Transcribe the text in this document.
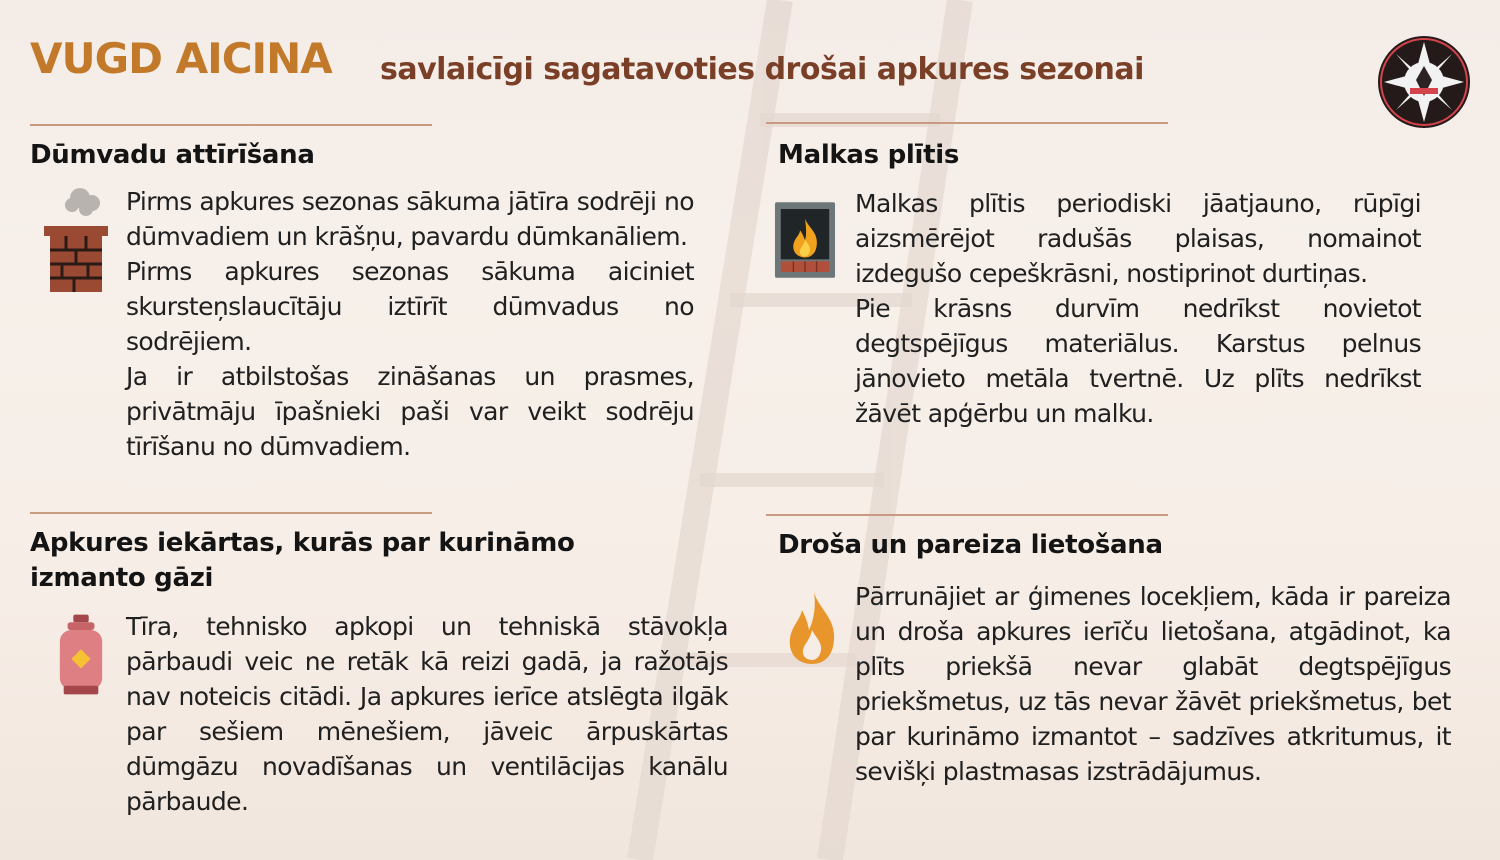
VUGD AICINA savlaicīgi sagatavoties drošai apkures sezonai
Dūmvadu attīrīšana

Pirms apkures sezonas sākuma jātīra sodrēji no dūmvadiem un krāšņu, pavardu dūmkanāliem.

Pirms apkures sezonas sākuma aiciniet skursteņslaucītāju iztīrīt dūmvadus no sodrējiem.

Ja ir atbilstošas zināšanas un prasmes, privātmāju īpašnieki paši var veikt sodrēju tīrīšanu no dūmvadiem.

Malkas plītis

Malkas plītis periodiski jāatjauno, rūpīgi aizsmērējot radušās plaisas, nomainot izdegušo cepeškrāsni, nostiprinot durtiņas.

Pie krāsns durvīm nedrīkst novietot degtspējīgus materiālus. Karstus pelnus jānovieto metāla tvertnē. Uz plīts nedrīkst žāvēt apģērbu un malku.

Apkures iekārtas, kurās par kurināmo izmanto gāzi

Tīra, tehnisko apkopi un tehniskā stāvokļa pārbaudi veic ne retāk kā reizi gadā, ja ražotājs nav noteicis citādi. Ja apkures ierīce atslēgta ilgāk par sešiem mēnešiem, jāveic ārpuskārtas dūmgāzu novadīšanas un ventilācijas kanālu pārbaude.

Droša un pareiza lietošana

Pārrunājiet ar ģimenes locekļiem, kāda ir pareiza un droša apkures ierīču lietošana, atgādinot, ka plīts priekšā nevar glabāt degtspējīgus priekšmetus, uz tās nevar žāvēt priekšmetus, bet par kurināmo izmantot – sadzīves atkritumus, it sevišķi plastmasas izstrādājumus.
